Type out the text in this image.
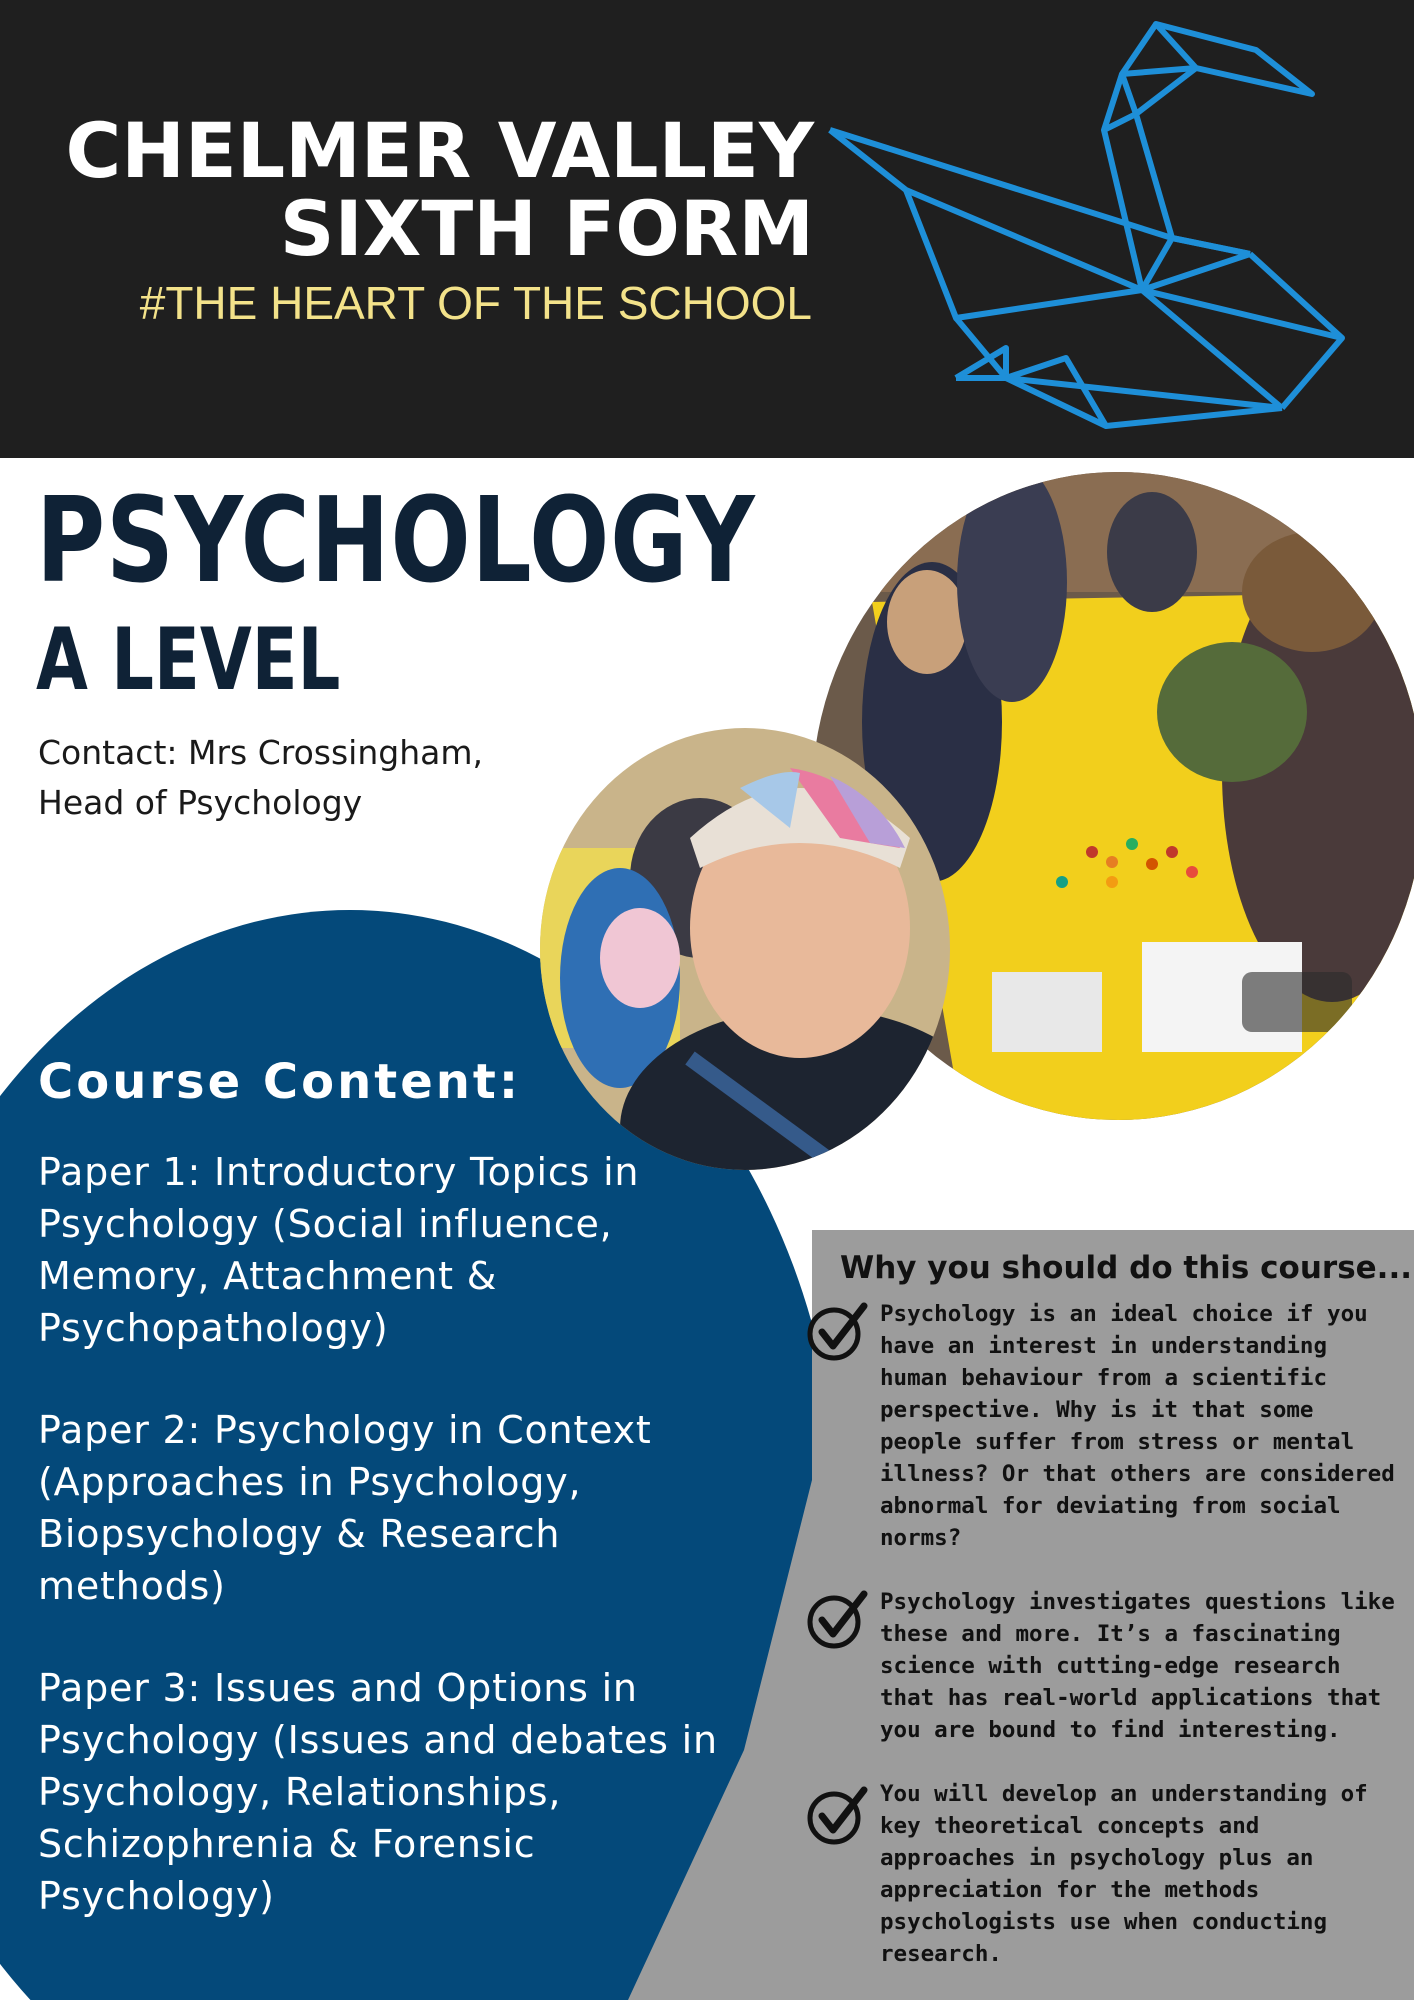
CHELMER VALLEY
SIXTH FORM
#THE HEART OF THE SCHOOL
PSYCHOLOGY
A LEVEL
Contact: Mrs Crossingham,
Head of Psychology
Course Content:
Paper 1: Introductory Topics in Psychology (Social influence, Memory, Attachment & Psychopathology)
Paper 2: Psychology in Context (Approaches in Psychology, Biopsychology & Research methods)
Paper 3: Issues and Options in Psychology (Issues and debates in Psychology, Relationships, Schizophrenia & Forensic Psychology)
Why you should do this course...
Psychology is an ideal choice if you have an interest in understanding human behaviour from a scientific perspective. Why is it that some people suffer from stress or mental illness? Or that others are considered abnormal for deviating from social norms?
Psychology investigates questions like these and more. It’s a fascinating science with cutting-edge research that has real-world applications that you are bound to find interesting.
You will develop an understanding of key theoretical concepts and approaches in psychology plus an appreciation for the methods psychologists use when conducting research.
